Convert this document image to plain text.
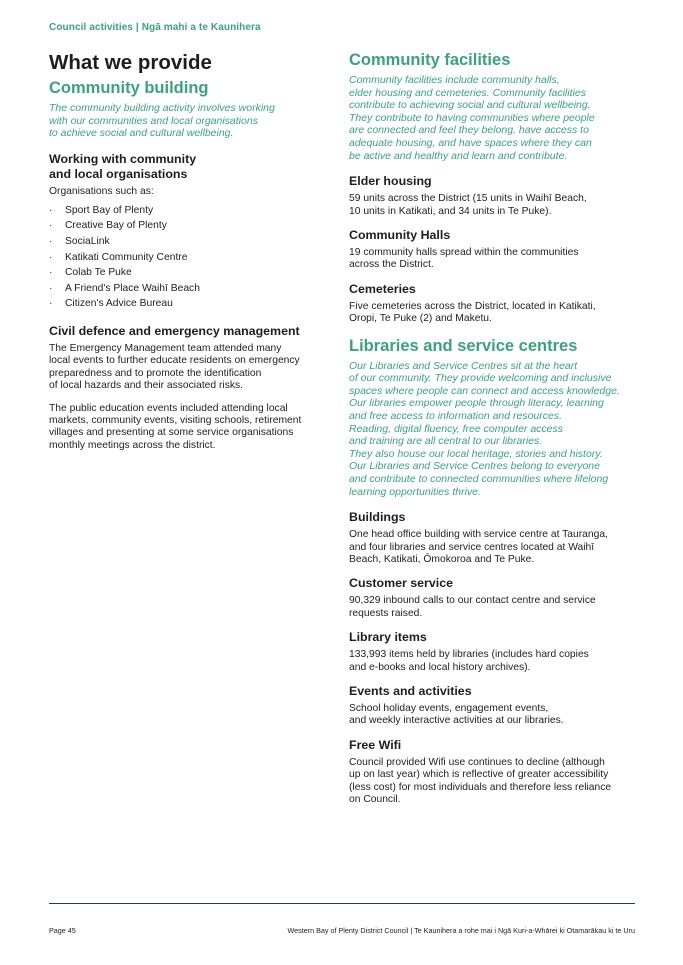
Council activities | Ngā mahi a te Kaunihera
What we provide
Community building
The community building activity involves working
with our communities and local organisations
to achieve social and cultural wellbeing.
Working with community
and local organisations
Organisations such as:
· Sport Bay of Plenty
· Creative Bay of Plenty
· SociaLink
· Katikati Community Centre
· Colab Te Puke
· A Friend's Place Waihī Beach
· Citizen's Advice Bureau
Civil defence and emergency management
The Emergency Management team attended many
local events to further educate residents on emergency
preparedness and to promote the identification
of local hazards and their associated risks.
The public education events included attending local
markets, community events, visiting schools, retirement
villages and presenting at some service organisations
monthly meetings across the district.
Community facilities
Community facilities include community halls,
elder housing and cemeteries. Community facilities
contribute to achieving social and cultural wellbeing.
They contribute to having communities where people
are connected and feel they belong, have access to
adequate housing, and have spaces where they can
be active and healthy and learn and contribute.
Elder housing
59 units across the District (15 units in Waihī Beach,
10 units in Katikati, and 34 units in Te Puke).
Community Halls
19 community halls spread within the communities
across the District.
Cemeteries
Five cemeteries across the District, located in Katikati,
Oropi, Te Puke (2) and Maketu.
Libraries and service centres
Our Libraries and Service Centres sit at the heart
of our community. They provide welcoming and inclusive
spaces where people can connect and access knowledge.
Our libraries empower people through literacy, learning
and free access to information and resources.
Reading, digital fluency, free computer access
and training are all central to our libraries.
They also house our local heritage, stories and history.
Our Libraries and Service Centres belong to everyone
and contribute to connected communities where lifelong
learning opportunities thrive.
Buildings
One head office building with service centre at Tauranga,
and four libraries and service centres located at Waihī
Beach, Katikati, Ōmokoroa and Te Puke.
Customer service
90,329 inbound calls to our contact centre and service
requests raised.
Library items
133,993 items held by libraries (includes hard copies
and e-books and local history archives).
Events and activities
School holiday events, engagement events,
and weekly interactive activities at our libraries.
Free Wifi
Council provided Wifi use continues to decline (although
up on last year) which is reflective of greater accessibility
(less cost) for most individuals and therefore less reliance
on Council.
Page 45	Western Bay of Plenty District Council | Te Kaunihera a rohe mai i Ngā Kuri-a-Whārei ki Otamarākau ki te Uru
